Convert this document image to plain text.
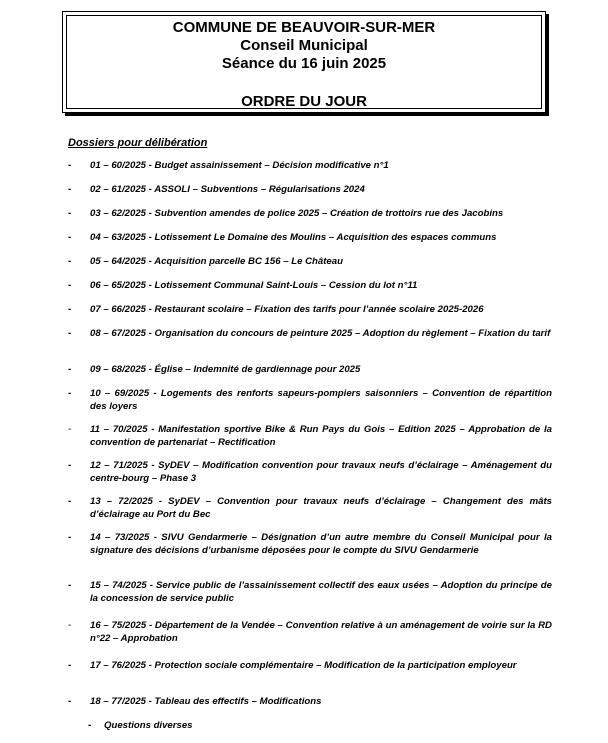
COMMUNE DE BEAUVOIR-SUR-MER
Conseil Municipal
Séance du 16 juin 2025
ORDRE DU JOUR
Dossiers pour délibération
-	01 – 60/2025 - Budget assainissement – Décision modificative n°1
-	02 – 61/2025 - ASSOLI – Subventions – Régularisations 2024
-	03 – 62/2025 - Subvention amendes de police 2025 – Création de trottoirs rue des Jacobins
-	04 – 63/2025 - Lotissement Le Domaine des Moulins – Acquisition des espaces communs
-	05 – 64/2025 - Acquisition parcelle BC 156 – Le Château
-	06 – 65/2025 - Lotissement Communal Saint-Louis – Cession du lot n°11
-	07 – 66/2025 - Restaurant scolaire – Fixation des tarifs pour l’année scolaire 2025-2026
-	08 – 67/2025 - Organisation du concours de peinture 2025 – Adoption du règlement – Fixation du tarif
-	09 – 68/2025 - Église – Indemnité de gardiennage pour 2025
-	10 – 69/2025 - Logements des renforts sapeurs-pompiers saisonniers – Convention de répartition des loyers
-	11 – 70/2025 - Manifestation sportive Bike & Run Pays du Gois – Edition 2025 – Approbation de la convention de partenariat – Rectification
-	12 – 71/2025 - SyDEV – Modification convention pour travaux neufs d’éclairage – Aménagement du centre-bourg – Phase 3
-	13 – 72/2025 - SyDEV – Convention pour travaux neufs d’éclairage – Changement des mâts d’éclairage au Port du Bec
-	14 – 73/2025 - SIVU Gendarmerie – Désignation d’un autre membre du Conseil Municipal pour la signature des décisions d’urbanisme déposées pour le compte du SIVU Gendarmerie
-	15 – 74/2025 - Service public de l’assainissement collectif des eaux usées – Adoption du principe de la concession de service public
-	16 – 75/2025 - Département de la Vendée – Convention relative à un aménagement de voirie sur la RD n°22 – Approbation
-	17 – 76/2025 - Protection sociale complémentaire – Modification de la participation employeur
-	18 – 77/2025 - Tableau des effectifs – Modifications
- Questions diverses
